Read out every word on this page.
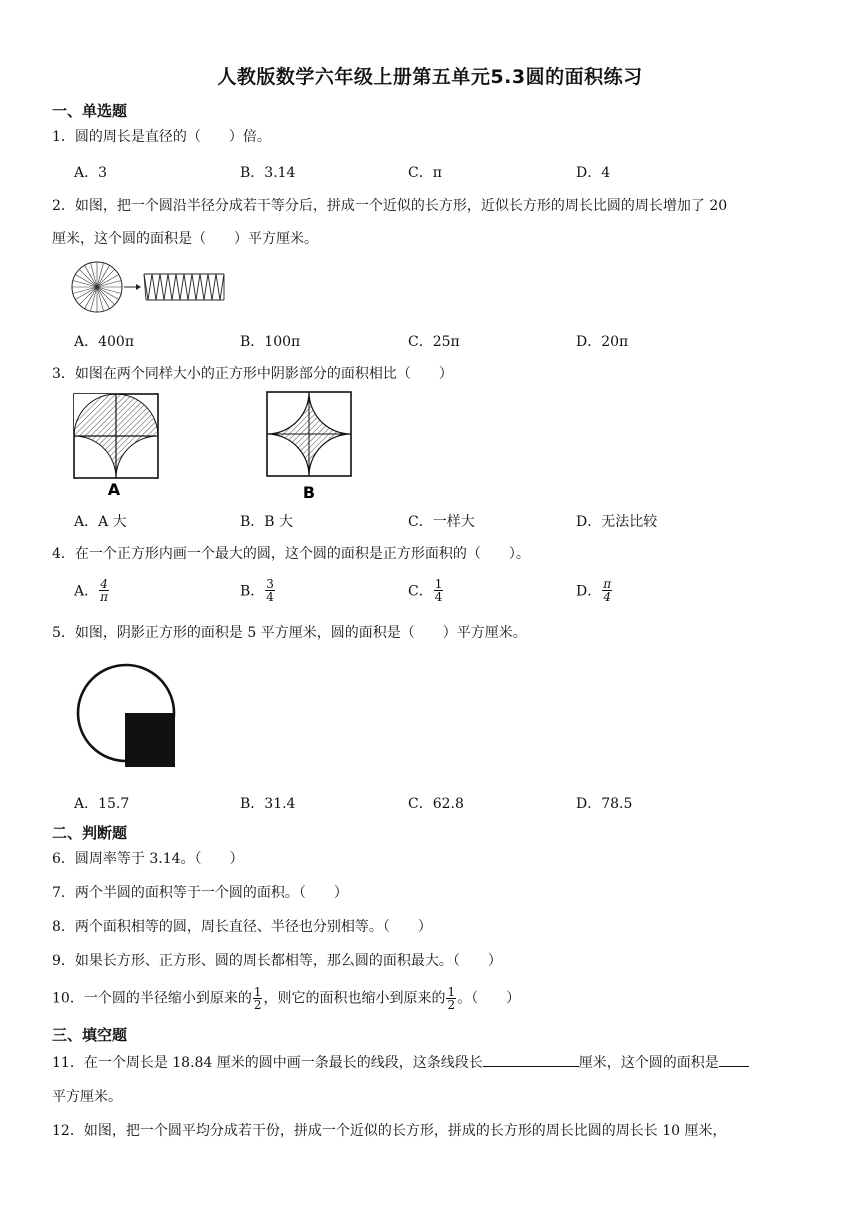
人教版数学六年级上册第五单元5.3圆的面积练习
一、单选题
1．圆的周长是直径的（　　）倍。
A．3	B．3.14	C．π	D．4
2．如图，把一个圆沿半径分成若干等分后，拼成一个近似的长方形，近似长方形的周长比圆的周长增加了 20
厘米，这个圆的面积是（　　）平方厘米。
A．400π	B．100π	C．25π	D．20π
3．如图在两个同样大小的正方形中阴影部分的面积相比（　　）
A	B
A．A 大	B．B 大	C．一样大	D．无法比较
4．在一个正方形内画一个最大的圆，这个圆的面积是正方形面积的（　　）。
A． $\frac{4}{\pi}$	B． $\frac{3}{4}$	C． $\frac{1}{4}$	D． $\frac{\pi}{4}$
5．如图，阴影正方形的面积是 5 平方厘米，圆的面积是（　　）平方厘米。
A．15.7	B．31.4	C．62.8	D．78.5
二、判断题
6．圆周率等于 3.14。（　　）
7．两个半圆的面积等于一个圆的面积。（　　）
8．两个面积相等的圆，周长直径、半径也分别相等。（　　）
9．如果长方形、正方形、圆的周长都相等，那么圆的面积最大。（　　）
10．一个圆的半径缩小到原来的 $\frac{1}{2}$ ，则它的面积也缩小到原来的 $\frac{1}{2}$ 。（　　）
三、填空题
11．在一个周长是 18.84 厘米的圆中画一条最长的线段，这条线段长	厘米，这个圆的面积是
平方厘米。
12．如图，把一个圆平均分成若干份，拼成一个近似的长方形，拼成的长方形的周长比圆的周长长 10 厘米，
